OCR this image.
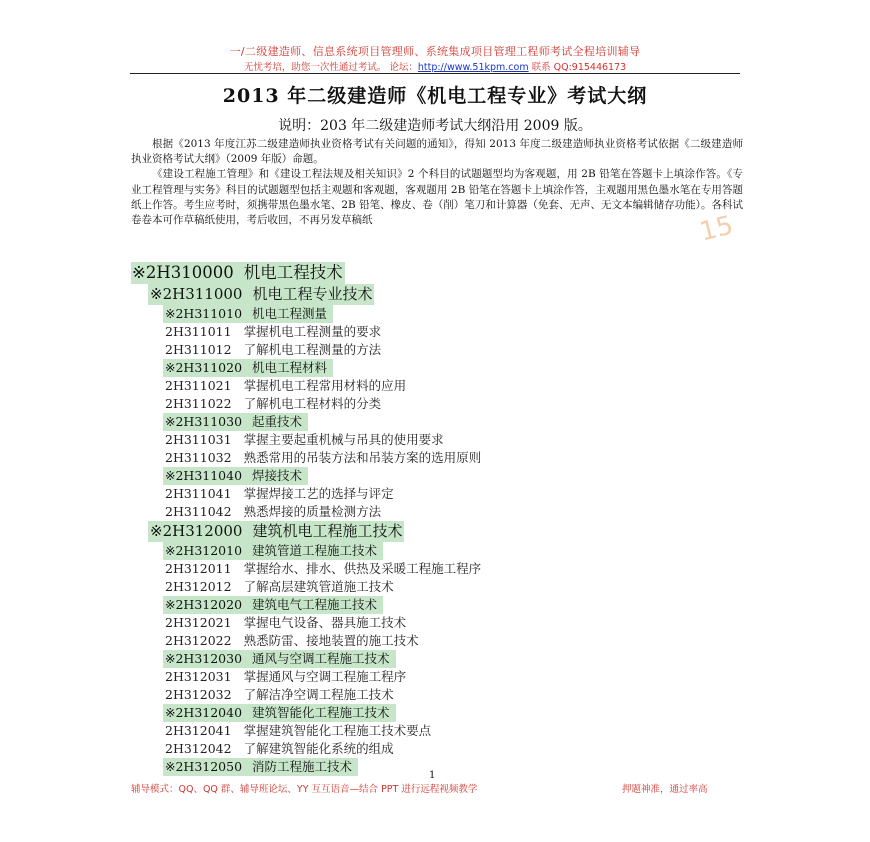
一/二级建造师、信息系统项目管理师、系统集成项目管理工程师考试全程培训辅导
无忧考培，助您一次性通过考试。 论坛：http://www.51kpm.com 联系 QQ:915446173
2013 年二级建造师《机电工程专业》考试大纲
说明：203 年二级建造师考试大纲沿用 2009 版。

根据《2013 年度江苏二级建造师执业资格考试有关问题的通知》，得知 2013 年度二级建造师执业资格考试依据《二级建造师执业资格考试大纲》（2009 年版）命题。

《建设工程施工管理》和《建设工程法规及相关知识》2 个科目的试题题型均为客观题，用 2B 铅笔在答题卡上填涂作答。《专业工程管理与实务》科目的试题题型包括主观题和客观题，客观题用 2B 铅笔在答题卡上填涂作答，主观题用黑色墨水笔在专用答题纸上作答。考生应考时，须携带黑色墨水笔、2B 铅笔、橡皮、卷（削）笔刀和计算器（免套、无声、无文本编辑储存功能）。各科试卷卷本可作草稿纸使用，考后收回，不再另发草稿纸	15
※2H310000 机电工程技术
※2H311000 机电工程专业技术
※2H311010 机电工程测量
2H311011 掌握机电工程测量的要求
2H311012 了解机电工程测量的方法
※2H311020 机电工程材料
2H311021 掌握机电工程常用材料的应用
2H311022 了解机电工程材料的分类
※2H311030 起重技术
2H311031 掌握主要起重机械与吊具的使用要求
2H311032 熟悉常用的吊装方法和吊装方案的选用原则
※2H311040 焊接技术
2H311041 掌握焊接工艺的选择与评定
2H311042 熟悉焊接的质量检测方法
※2H312000 建筑机电工程施工技术
※2H312010 建筑管道工程施工技术
2H312011 掌握给水、排水、供热及采暖工程施工程序
2H312012 了解高层建筑管道施工技术
※2H312020 建筑电气工程施工技术
2H312021 掌握电气设备、器具施工技术
2H312022 熟悉防雷、接地装置的施工技术
※2H312030 通风与空调工程施工技术
2H312031 掌握通风与空调工程施工程序
2H312032 了解洁净空调工程施工技术
※2H312040 建筑智能化工程施工技术
2H312041 掌握建筑智能化工程施工技术要点
2H312042 了解建筑智能化系统的组成
※2H312050 消防工程施工技术
1
辅导模式：QQ、QQ 群、辅导班论坛、YY 互互语音—结合 PPT 进行远程视频教学	押题神准，通过率高
